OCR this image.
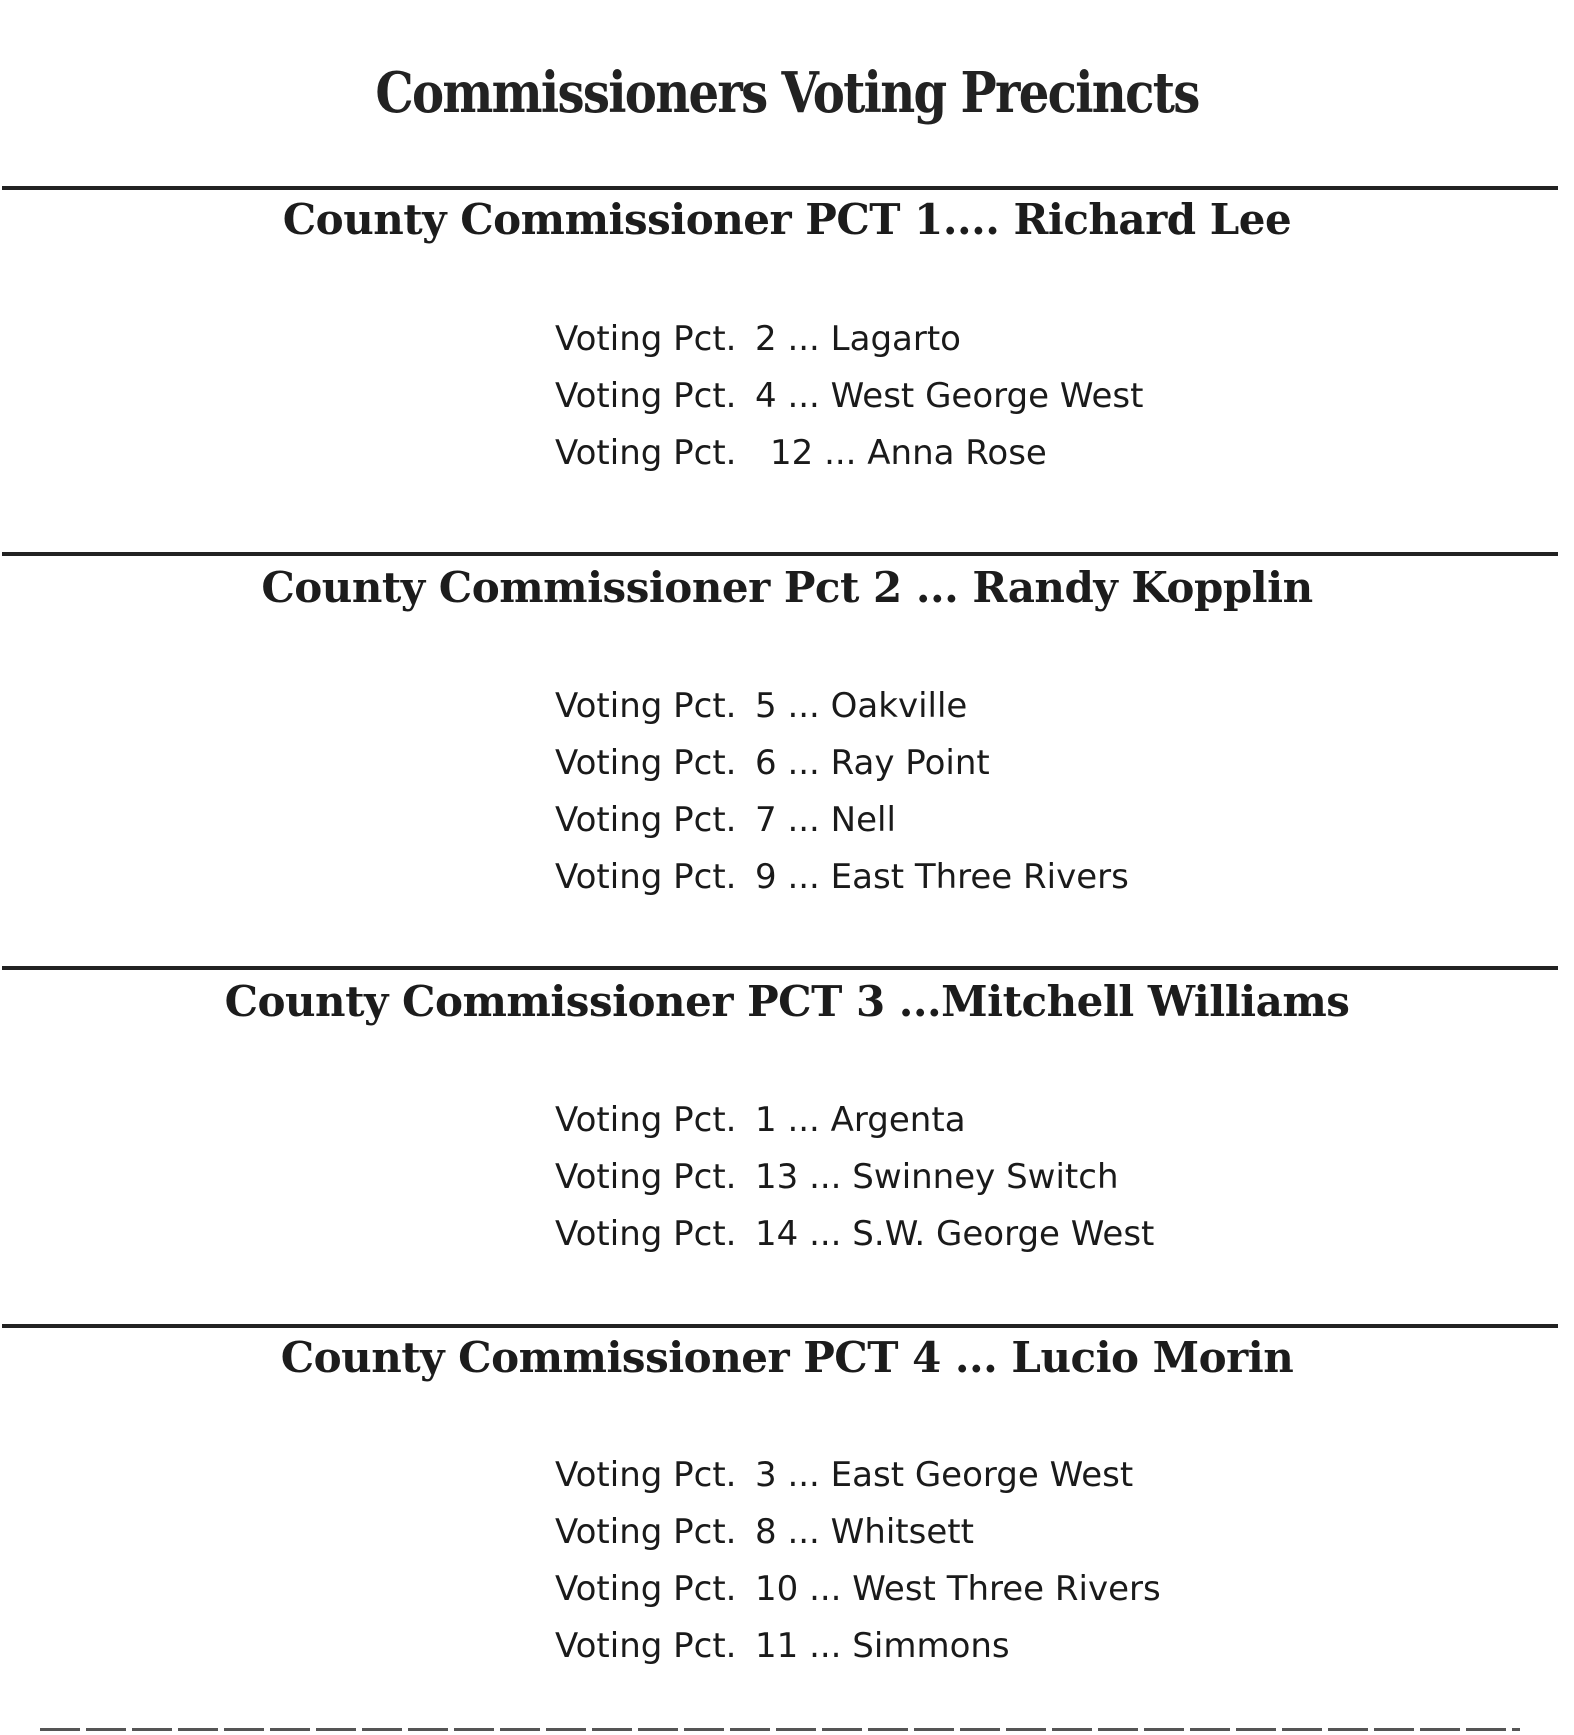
Commissioners Voting Precincts
County Commissioner PCT 1.... Richard Lee
Voting Pct. 2 ... Lagarto
Voting Pct. 4 ... West George West
Voting Pct. 12 ... Anna Rose
County Commissioner Pct 2 ... Randy Kopplin
Voting Pct. 5 ... Oakville
Voting Pct. 6 ... Ray Point
Voting Pct. 7 ... Nell
Voting Pct. 9 ... East Three Rivers
County Commissioner PCT 3 ...Mitchell Williams
Voting Pct. 1 ... Argenta
Voting Pct. 13 ... Swinney Switch
Voting Pct. 14 ... S.W. George West
County Commissioner PCT 4 ... Lucio Morin
Voting Pct. 3 ... East George West
Voting Pct. 8 ... Whitsett
Voting Pct. 10 ... West Three Rivers
Voting Pct. 11 ... Simmons
